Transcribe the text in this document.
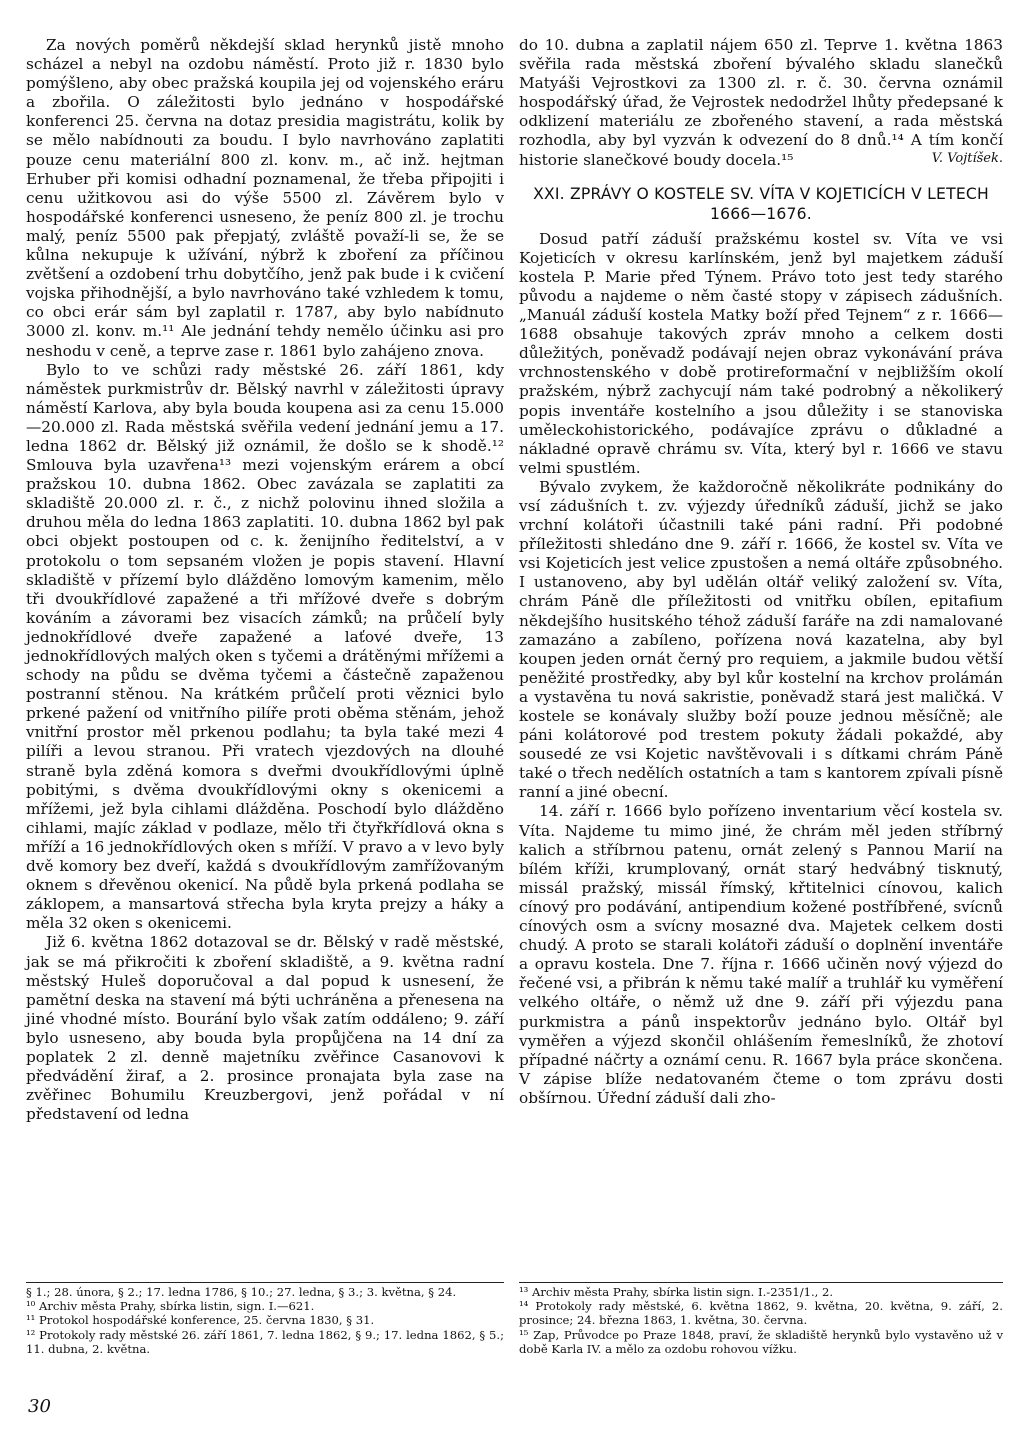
Za nových poměrů někdejší sklad herynků jistě mnoho scházel a nebyl na ozdobu náměstí. Proto již r. 1830 bylo pomýšleno, aby obec pražská koupila jej od vojenského eráru a zbořila. O záležitosti bylo jednáno v hospodářské konferenci 25. června na dotaz presidia magistrátu, kolik by se mělo nabídnouti za boudu. I bylo navrhováno zaplatiti pouze cenu materiální 800 zl. konv. m., ač inž. hejtman Erhuber při komisi odhadní poznamenal, že třeba připojiti i cenu užitkovou asi do výše 5500 zl. Závěrem bylo v hospodářské konferenci usneseno, že peníz 800 zl. je trochu malý, peníz 5500 pak přepjatý, zvláště považí-li se, že se kůlna nekupuje k užívání, nýbrž k zboření za příčinou zvětšení a ozdobení trhu dobytčího, jenž pak bude i k cvičení vojska přihodnější, a bylo navrhováno také vzhledem k tomu, co obci erár sám byl zaplatil r. 1787, aby bylo nabídnuto 3000 zl. konv. m.¹¹ Ale jednání tehdy nemělo účinku asi pro neshodu v ceně, a teprve zase r. 1861 bylo zahájeno znova.

Bylo to ve schůzi rady městské 26. září 1861, kdy náměstek purkmistrův dr. Bělský navrhl v záležitosti úpravy náměstí Karlova, aby byla bouda koupena asi za cenu 15.000—20.000 zl. Rada městská svěřila vedení jednání jemu a 17. ledna 1862 dr. Bělský již oznámil, že došlo se k shodě.¹² Smlouva byla uzavřena¹³ mezi vojenským erárem a obcí pražskou 10. dubna 1862. Obec zavázala se zaplatiti za skladiště 20.000 zl. r. č., z nichž polovinu ihned složila a druhou měla do ledna 1863 zaplatiti. 10. dubna 1862 byl pak obci objekt postoupen od c. k. ženijního ředitelství, a v protokolu o tom sepsaném vložen je popis stavení. Hlavní skladiště v přízemí bylo dlážděno lomovým kamenim, mělo tři dvoukřídlové zapažené a tři mřížové dveře s dobrým kováním a závorami bez visacích zámků; na průčelí byly jednokřídlové dveře zapažené a laťové dveře, 13 jednokřídlových malých oken s tyčemi a drátěnými mřížemi a schody na půdu se dvěma tyčemi a částečně zapaženou postranní stěnou. Na krátkém průčelí proti věznici bylo prkené pažení od vnitřního pilíře proti oběma stěnám, jehož vnitřní prostor měl prkenou podlahu; ta byla také mezi 4 pilíři a levou stranou. Při vratech vjezdových na dlouhé straně byla zděná komora s dveřmi dvoukřídlovými úplně pobitými, s dvěma dvoukřídlovými okny s okenicemi a mřížemi, jež byla cihlami dlážděna. Poschodí bylo dlážděno cihlami, majíc základ v podlaze, mělo tři čtyřkřídlová okna s mříží a 16 jednokřídlových oken s mříží. V pravo a v levo byly dvě komory bez dveří, každá s dvoukřídlovým zamřížovaným oknem s dřevěnou okenicí. Na půdě byla prkená podlaha se záklopem, a mansartová střecha byla kryta prejzy a háky a měla 32 oken s okenicemi.

Již 6. května 1862 dotazoval se dr. Bělský v radě městské, jak se má přikročiti k zboření skladiště, a 9. května radní městský Huleš doporučoval a dal popud k usnesení, že pamětní deska na stavení má býti uchráněna a přenesena na jiné vhodné místo. Bourání bylo však zatím oddáleno; 9. září bylo usneseno, aby bouda byla propůjčena na 14 dní za poplatek 2 zl. denně majetníku zvěřince Casanovovi k předvádění žiraf, a 2. prosince pronajata byla zase na zvěřinec Bohumilu Kreuzbergovi, jenž pořádal v ní představení od ledna

do 10. dubna a zaplatil nájem 650 zl. Teprve 1. května 1863 svěřila rada městská zboření bývalého skladu slanečků Matyáši Vejrostkovi za 1300 zl. r. č. 30. června oznámil hospodářský úřad, že Vejrostek nedodržel lhůty předepsané k odklizení materiálu ze zbořeného stavení, a rada městská rozhodla, aby byl vyzván k odvezení do 8 dnů.¹⁴ A tím končí historie slanečkové boudy docela.¹⁵	V. Vojtíšek.
XXI. ZPRÁVY O KOSTELE SV. VÍTA V KOJETICÍCH V LETECH 1666—1676.

Dosud patří záduší pražskému kostel sv. Víta ve vsi Kojeticích v okresu karlínském, jenž byl majetkem záduší kostela P. Marie před Týnem. Právo toto jest tedy starého původu a najdeme o něm časté stopy v zápisech zádušních. „Manuál záduší kostela Matky boží před Tejnem“ z r. 1666—1688 obsahuje takových zpráv mnoho a celkem dosti důležitých, poněvadž podávají nejen obraz vykonávání práva vrchnostenského v době protireformační v nejbližším okolí pražském, nýbrž zachycují nám také podrobný a několikerý popis inventáře kostelního a jsou důležity i se stanoviska uměleckohistorického, podávajíce zprávu o důkladné a nákladné opravě chrámu sv. Víta, který byl r. 1666 ve stavu velmi spustlém.

Bývalo zvykem, že každoročně několikráte podnikány do vsí zádušních t. zv. výjezdy úředníků záduší, jichž se jako vrchní kolátoři účastnili také páni radní. Při podobné příležitosti shledáno dne 9. září r. 1666, že kostel sv. Víta ve vsi Kojeticích jest velice zpustošen a nemá oltáře způsobného. I ustanoveno, aby byl udělán oltář veliký založení sv. Víta, chrám Páně dle příležitosti od vnitřku obílen, epitafium někdejšího husitského téhož záduší faráře na zdi namalované zamazáno a zabíleno, pořízena nová kazatelna, aby byl koupen jeden ornát černý pro requiem, a jakmile budou větší peněžité prostředky, aby byl kůr kostelní na krchov prolámán a vystavěna tu nová sakristie, poněvadž stará jest maličká. V kostele se konávaly služby boží pouze jednou měsíčně; ale páni kolátorové pod trestem pokuty žádali pokaždé, aby sousedé ze vsi Kojetic navštěvovali i s dítkami chrám Páně také o třech nedělích ostatních a tam s kantorem zpívali písně ranní a jiné obecní.

14. září r. 1666 bylo pořízeno inventarium věcí kostela sv. Víta. Najdeme tu mimo jiné, že chrám měl jeden stříbrný kalich a stříbrnou patenu, ornát zelený s Pannou Marií na bílém kříži, krumplovaný, ornát starý hedvábný tisknutý, missál pražský, missál římský, křtitelnici cínovou, kalich cínový pro podávání, antipendium kožené postříbřené, svícnů cínových osm a svícny mosazné dva. Majetek celkem dosti chudý. A proto se starali kolátoři záduší o doplnění inventáře a opravu kostela. Dne 7. října r. 1666 učiněn nový výjezd do řečené vsi, a přibrán k němu také malíř a truhlář ku vyměření velkého oltáře, o němž už dne 9. září při výjezdu pana purkmistra a pánů inspektorův jednáno bylo. Oltář byl vyměřen a výjezd skončil ohlášením řemeslníků, že zhotoví případné náčrty a oznámí cenu. R. 1667 byla práce skončena. V zápise blíže nedatovaném čteme o tom zprávu dosti obšírnou. Úřední záduší dali zho-

§ 1.; 28. února, § 2.; 17. ledna 1786, § 10.; 27. ledna, § 3.; 3. května, § 24.
¹⁰ Archiv města Prahy, sbírka listin, sign. I.—621.
¹¹ Protokol hospodářské konference, 25. června 1830, § 31.
¹² Protokoly rady městské 26. září 1861, 7. ledna 1862, § 9.; 17. ledna 1862, § 5.; 11. dubna, 2. května.
¹³ Archiv města Prahy, sbírka listin sign. I.-2351/1., 2.
¹⁴ Protokoly rady městské, 6. května 1862, 9. května, 20. května, 9. září, 2. prosince; 24. března 1863, 1. května, 30. června.
¹⁵ Zap, Průvodce po Praze 1848, praví, že skladiště herynků bylo vystavěno už v době Karla IV. a mělo za ozdobu rohovou vížku.
30
